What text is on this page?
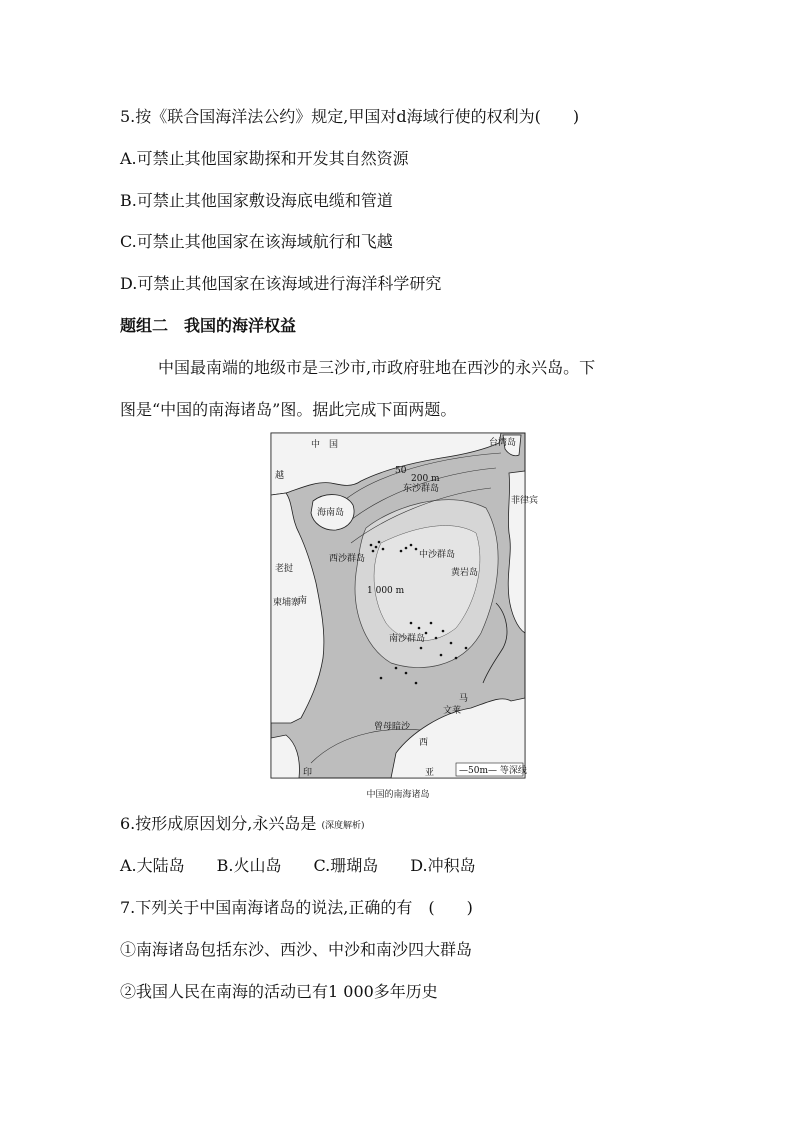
5.按《联合国海洋法公约》规定,甲国对d海域行使的权利为(　　)
A.可禁止其他国家勘探和开发其自然资源
B.可禁止其他国家敷设海底电缆和管道
C.可禁止其他国家在该海域航行和飞越
D.可禁止其他国家在该海域进行海洋科学研究
题组二　我国的海洋权益
中国最南端的地级市是三沙市,市政府驻地在西沙的永兴岛。下
图是“中国的南海诸岛”图。据此完成下面两题。
中　国	台湾岛
越
海南岛
东沙群岛
西沙群岛	中沙群岛
黄岩岛
南沙群岛
曾母暗沙
老挝
柬埔寨
南
菲律宾
文莱
马
西
亚
印
50
200 m
1 000 m
—50m— 等深线
中国的南海诸岛
6.按形成原因划分,永兴岛是 (深度解析)
A.大陆岛　　B.火山岛　　C.珊瑚岛　　D.冲积岛
7.下列关于中国南海诸岛的说法,正确的有　(　　)
①南海诸岛包括东沙、西沙、中沙和南沙四大群岛
②我国人民在南海的活动已有1 000多年历史
